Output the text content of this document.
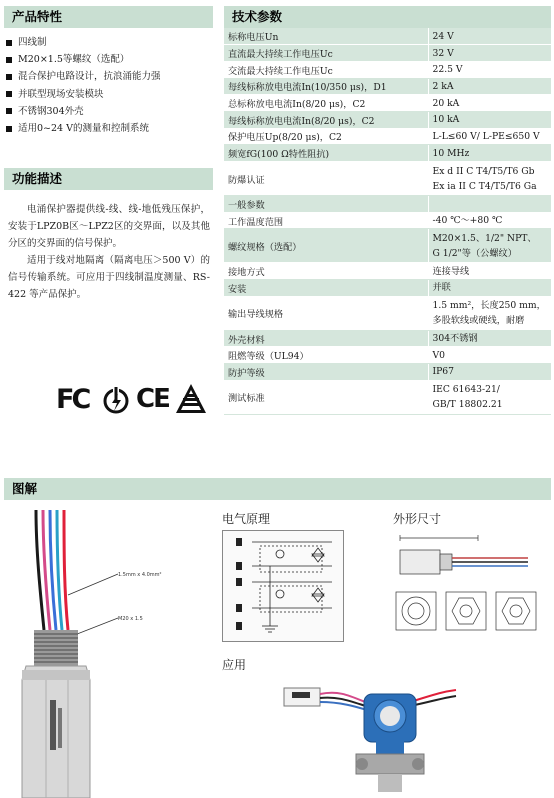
产品特性
四线制
M20×1.5等螺纹（选配）
混合保护电路设计，抗浪涌能力强
并联型现场安装模块
不锈钢304外壳
适用0~24 V的测量和控制系统
功能描述

电涌保护器提供线-线、线-地低残压保护，安装于LPZ0B区～LPZ2区的交界面，以及其他分区的交界面的信号保护。

适用于线对地隔离（隔离电压＞500 V）的信号传输系统。可应用于四线制温度测量、RS-422 等产品保护。

FC CE
技术参数
标称电压Un	24 V

直流最大持续工作电压Uc	32 V

交流最大持续工作电压Uc	22.5 V

每线标称放电电流In(10/350 μs)，D1	2 kA

总标称放电电流In(8/20 μs)，C2	20 kA

每线标称放电电流In(8/20 μs)，C2	10 kA

保护电压Up(8/20 μs)，C2	L-L≤60 V/ L-PE≤650 V

频宽fG(100 Ω特性阻抗)	10 MHz

防爆认证	Ex d II C T4/T5/T6 Gb
Ex ia II C T4/T5/T6 Ga

一般参数	

工作温度范围	-40 ℃～+80 ℃

螺纹规格（选配）	M20×1.5、1/2" NPT、
G 1/2"等（公螺纹）

接地方式	连接导线

安装	并联

输出导线规格	1.5 mm²，长度250 mm，
多股软线或硬线，耐磨

外壳材料	304不锈钢

阻燃等级（UL94）	V0

防护等级	IP67

测试标准	IEC 61643-21/
GB/T 18802.21
图解
1.5mm x 4.0mm²
M20 x 1.5
电气原理	外形尺寸
应用
